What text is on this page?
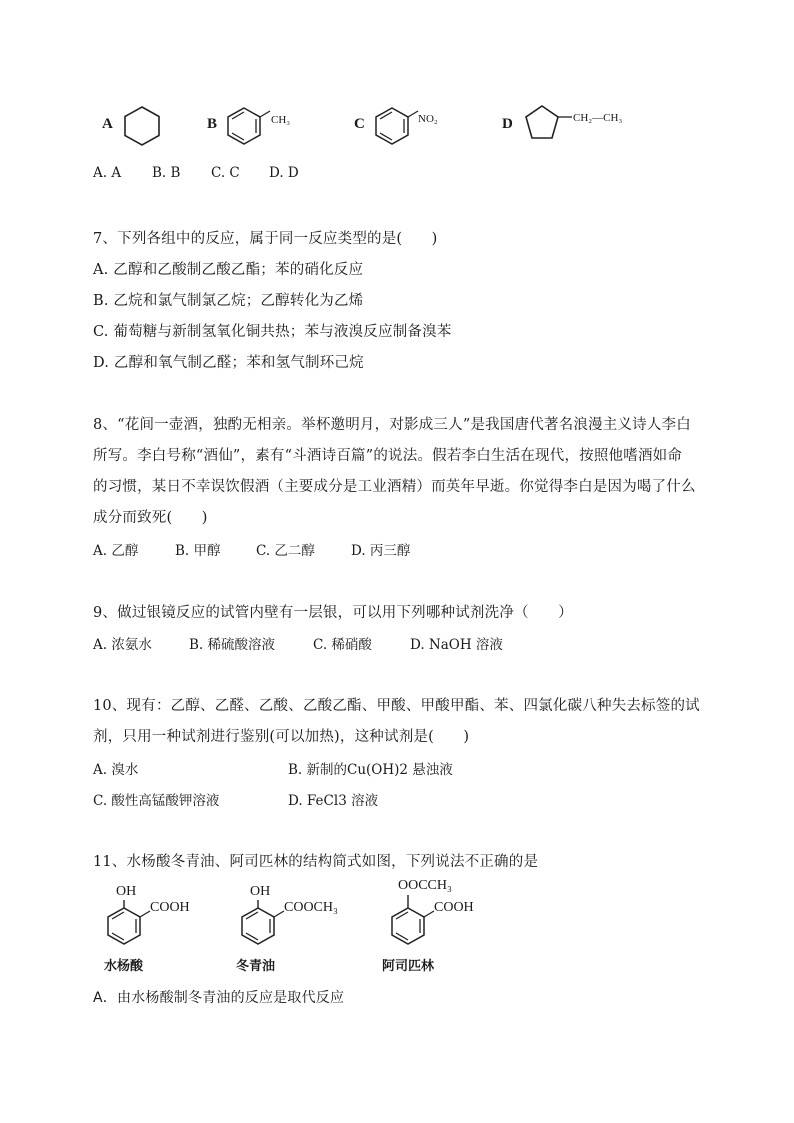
A	B	CH₃	C	NO₂	D	CH₂—CH₃
A. A B. B C. C D. D
7、下列各组中的反应，属于同一反应类型的是(　　)
A. 乙醇和乙酸制乙酸乙酯；苯的硝化反应
B. 乙烷和氯气制氯乙烷；乙醇转化为乙烯
C. 葡萄糖与新制氢氧化铜共热；苯与液溴反应制备溴苯
D. 乙醇和氧气制乙醛；苯和氢气制环己烷
8、“花间一壶酒，独酌无相亲。举杯邀明月，对影成三人”是我国唐代著名浪漫主义诗人李白
所写。李白号称“酒仙”，素有“斗酒诗百篇”的说法。假若李白生活在现代，按照他嗜酒如命
的习惯，某日不幸误饮假酒（主要成分是工业酒精）而英年早逝。你觉得李白是因为喝了什么
成分而致死(　　)
A. 乙醇	B. 甲醇	C. 乙二醇	D. 丙三醇
9、做过银镜反应的试管内壁有一层银，可以用下列哪种试剂洗净（　　）
A. 浓氨水	B. 稀硫酸溶液	C. 稀硝酸	D. NaOH 溶液
10、现有：乙醇、乙醛、乙酸、乙酸乙酯、甲酸、甲酸甲酯、苯、四氯化碳八种失去标签的试
剂，只用一种试剂进行鉴别(可以加热)，这种试剂是(　　)
A. 溴水	B. 新制的Cu(OH)2 悬浊液
C. 酸性高锰酸钾溶液	D. FeCl3 溶液
11、水杨酸冬青油、阿司匹林的结构简式如图，下列说法不正确的是
OH
COOH
水杨酸
OH
COOCH₃
冬青油
OOCCH₃
COOH
阿司匹林
A．由水杨酸制冬青油的反应是取代反应
